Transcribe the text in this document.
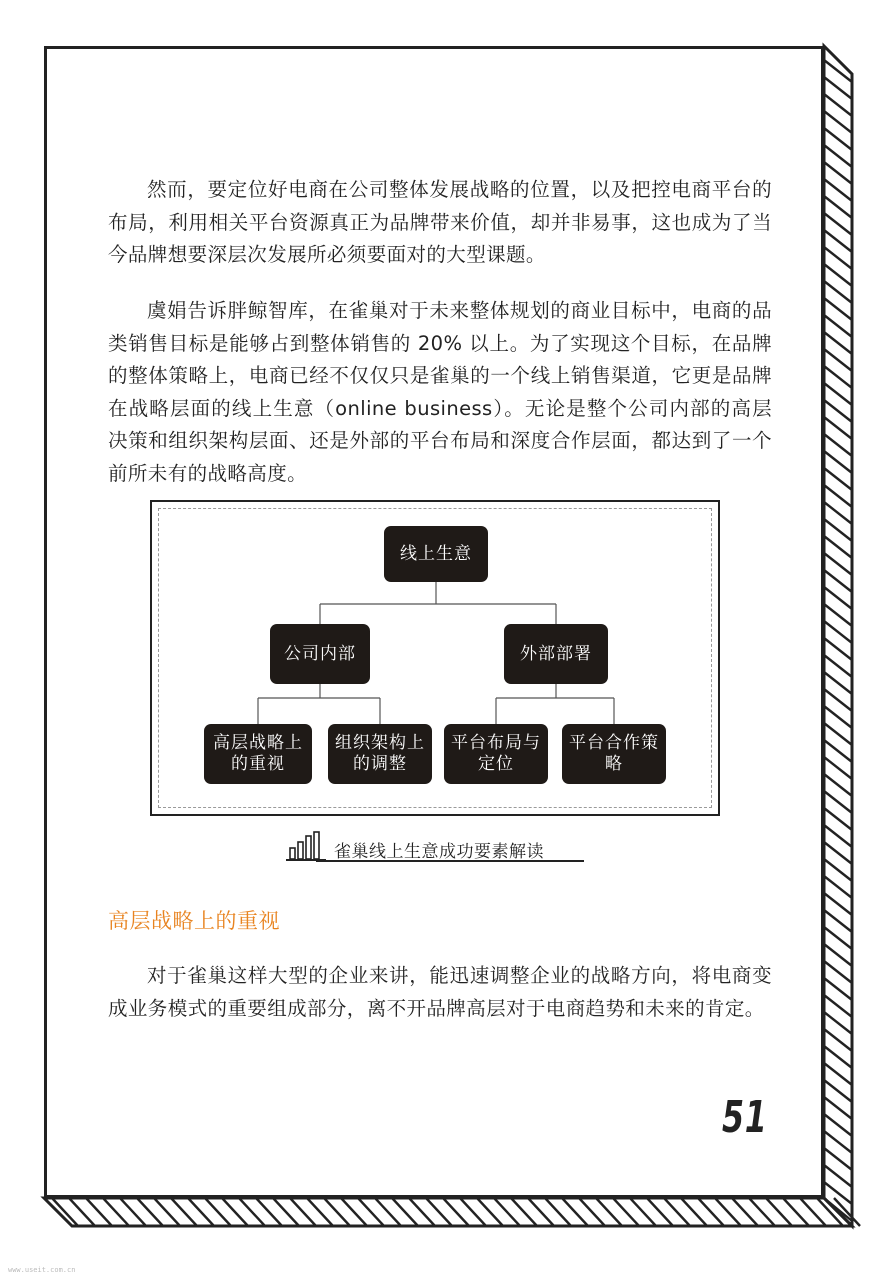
然而，要定位好电商在公司整体发展战略的位置，以及把控电商平台的布局，利用相关平台资源真正为品牌带来价值，却并非易事，这也成为了当今品牌想要深层次发展所必须要面对的大型课题。

虞娟告诉胖鲸智库，在雀巢对于未来整体规划的商业目标中，电商的品类销售目标是能够占到整体销售的 20% 以上。为了实现这个目标，在品牌的整体策略上，电商已经不仅仅只是雀巢的一个线上销售渠道，它更是品牌在战略层面的线上生意（online business）。无论是整个公司内部的高层决策和组织架构层面、还是外部的平台布局和深度合作层面，都达到了一个前所未有的战略高度。

线上生意
公司内部	外部部署
高层战略上的重视
组织架构上的调整
平台布局与定位
平台合作策略
雀巢线上生意成功要素解读
高层战略上的重视

对于雀巢这样大型的企业来讲，能迅速调整企业的战略方向，将电商变成业务模式的重要组成部分，离不开品牌高层对于电商趋势和未来的肯定。

51
www.useit.com.cn
